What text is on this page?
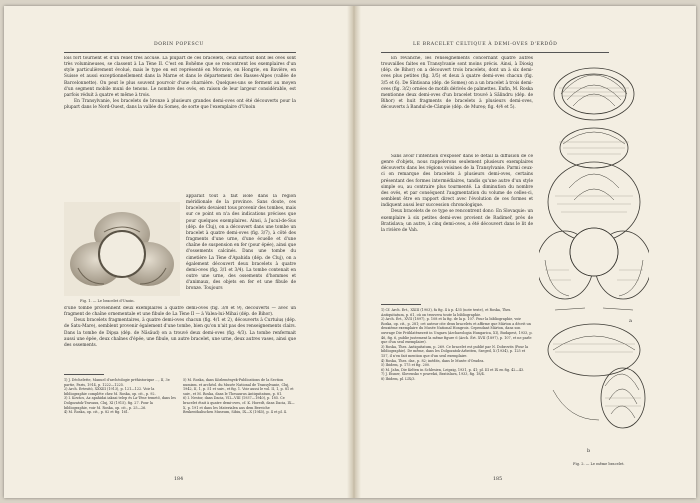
DORIN POPESCU

lois fort tournent et d'un relief très accusé. La plupart de ces bracelets, ceux surtout dont les ovés sont très volumineuses, se classent à La Tène II. C'est en Bohême que se rencontrent les exemplaires d'un style particulièrement évolué, mais le type en est représenté en Moravie, en Hongrie, en Bavière, en Suisse et aussi exceptionnellement dans la Marne et dans le département des Basses-Alpes (vallée de Barcelonnette). On peut le plus souvent pourvoir d'une charnière. Quelques-uns se ferment au moyen d'un segment mobile muni de tenons. Le nombre des ovés, en raison de leur largeur considérable, est parfois réduit à quatre et même à trois.

En Transylvanie, les bracelets de bronze à plusieurs grandes demi-oves ont été découverts pour la plupart dans le Nord-Ouest, dans la vallée du Someș, de sorte que l'exemplaire d'Unoin

Fig. 1. — Le bracelet d'Unoin.
apparaît tout à fait isolé dans la région méridionale de la province. Sans doute, ces bracelets devaient tous provenir des tombes, mais sur ce point on n'a des indications précises que pour quelques exemplaires. Ainsi, à Jucul-de-Sus (dép. de Cluj), on a découvert dans une tombe un bracelet à quatre demi-oves (fig. 3/7), à côté des fragments d'une urne, d'une écuelle et d'une chaîne de suspension en fer (pour épée), ainsi que d'ossements calcinés. Dans une tombe du cimetière La Tène d'Apahida (dép. de Cluj), on a également découvert deux bracelets à quatre demi-oves (fig. 3/1 et 3/4). La tombe contenait en outre une urne, des ossements d'hommes et d'animaux, des objets en fer et une fibule de bronze. Toujours

d'une tombe proviennent deux exemplaires à quatre demi-oves (fig. 3/8 et 9), découverts — avec un fragment de chaîne ornementale et une fibule de La Tène II — à Valea-lui-Mihai (dép. de Bihor).

Deux bracelets fragmentaires, à quatre demi-oves chacun (fig. 4/1 et 2), découverts à Curtuiuș (dép. de Satu-Mare), semblent provenir également d'une tombe, bien qu'on n'ait pas des renseignements clairs. Dans la tombe de Dipșa (dép. de Năsăud) on a trouvé deux demi-oves (fig. 4/3). La tombe renfermait aussi une épée, deux chaînes d'épée, une fibule, un autre bracelet, une urne, deux autres vases, ainsi que des ossements.

1) J. Déchelette, Manuel d'archéologie préhistorique ..., II, 3e partie, Paris, 1914, p. 1222—1225.
2) Arch. Ertesitö, XXXIII (1913), p. 121—122. Voir la bibliographie complète chez M. Roska, op. cit., p. 92.
3) I. Kovács, Az apahidai iaksai telep és La-Tène temető, dans les Dolgozatok-Travaux, Cluj, XI (1915), fig. 27. Pour la bibliographie, voir M. Roska, op. cit., p. 25—26.
4) M. Roska, op. cit., p. 82 et fig. 161.
5) M. Roska, dans Közlemények-Publications de la Section numism. et archéol. du Musée National de Transylvanie, Cluj, 1942, II, 1, p. 51 et suiv., et fig. 1. Voir aussi le vol. II, 1, p. 81 et suiv., et M. Roska, dans le Thesaurus Antiquitatum, p. 81.
6) I. Nestor, dans Dacia, VII—VIII (1937—1940), p. 185. Ce bracelet était à quatre demi-oves, cf. K. Horedt, dans Dacia, IX—X, p. 191 et dans les Materialen aus dem Bereiche Brukenthalischen Museum, Sibiu, IX—X (1945), p. 4 et pl. 4.
184
LE BRACELET CELTIQUE À DEMI-OVES D'ERDŐD

En revanche, les renseignements concernant quatre autres trouvailles faites en Transylvanie sont moins précis. Ainsi, à Diosig (dép. de Bihor) on a découvert trois bracelets, dont un à six demi-oves plus petites (fig. 3/5) et deux à quatre demi-oves chacun (fig. 3/5 et 6). De Sîntioana (dép. de Someș) on a un bracelet à trois demi-oves (fig. 3/2) ornées de motifs dérivés de palmettes. Enfin, M. Roska mentionne deux demi-oves d'un bracelet trouvé à Sălindru (dép. de Bihor) et huit fragments de bracelets à plusieurs demi-oves, découverts à Bandul-de-Câmpie (dép. de Mureș; fig. 4/4 et 5).

Sans avoir l'intention d'exposer dans le détail la diffusion de ce genre d'objets, nous rappelerons seulement plusieurs exemplaires découverts dans les régions voisines de la Transylvanie. Parmi ceux-ci on remarque des bracelets à plusieurs demi-oves, certains présentant des formes intermédiaires, tandis qu'une autre d'un style simple ou, au contraire plus tourmenté. La diminution du nombre des ovés, et par conséquent l'augmentation du volume de celles-ci, semblent être en rapport direct avec l'évolution de ces formes et indiquent aussi leur succession chronologique.

Deux bracelets de ce type se rencontrent donc: En Slovaquie: un exemplaire à six petites demi-oves provient de Radimeř, près de Bratislava; un autre, à cinq demi-oves, a été découvert dans le lit de la rivière de Vah.

1) Cf. Arch. Ért., XXIII (1903), fa fig. 4 à p. 435 (note texte), et Roska, Thes. Antiquitatum, p. 61, où on trouvera toute la bibliographie.
2) Arch. Ért., XVII (1897), p. 108 et la fig. de la p. 107. Pour la bibliographie, voir Roska, op. cit., p. 281; cet auteur cite deux bracelets et affirme que Márton a décrit un deuxième exemplaire du Musée National Hongrois. Cependant Márton, dans son ouvrage Die Frühlatènezeit in Ungarn (Archaeologia Hungarica, XI), Budapest, 1933, p. 46, fig. 6, publie justement la même figure 6 (Arch. Ért. XVII (1897), p. 107, et ne parle que d'un seul exemplaire).
3) Roska, Thes. Antiquitatum, p. 269. Ce bracelet est publié par N. Dobrovits (Pour la bibliographie). De même, dans les Dolgozatok-Arbeiten, Szeged, X (1934), p. 125 et 157, il n'en fait mention que d'un seul exemplaire.
4) Roska, Thes. dar., p. 82; inédits, dans le Musée d'Oradea.
5) Ibidem, p. 175 et fig. 200.
6) M. Jahn, Die Kelten in Schlesien, Leipzig, 1931, p. 41; pl. III et IX en fig. 42—43.
7) J. Eisner, Slovensko v pravekú, Bratislava, 1933, fig. 18/4.
8) Ibidem, pl. LIX/3.
a
b
Fig. 2. — Le même bracelet.
185
